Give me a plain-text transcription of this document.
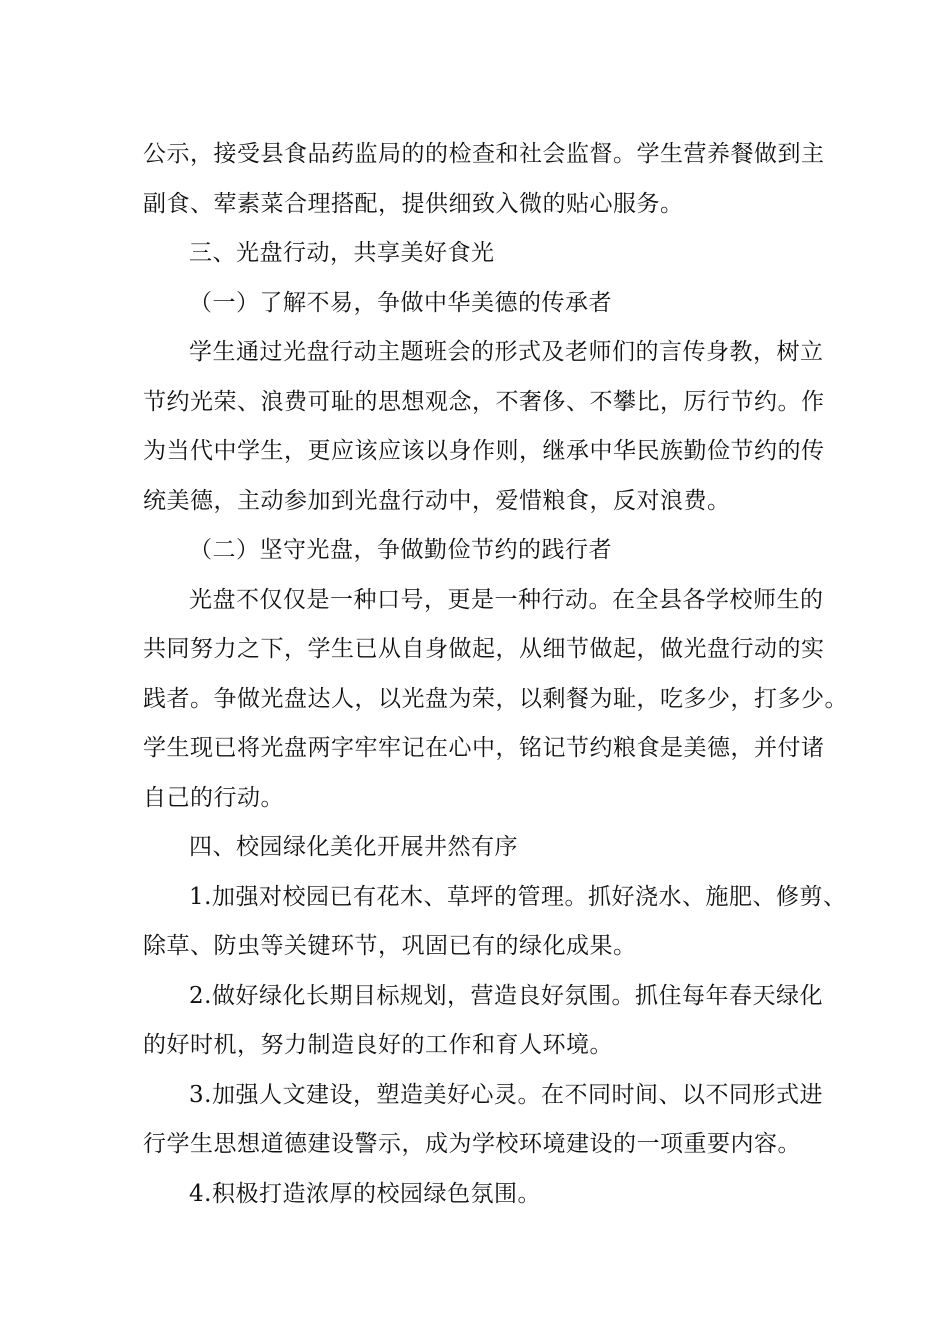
公示，接受县食品药监局的的检查和社会监督。学生营养餐做到主
副食、荤素菜合理搭配，提供细致入微的贴心服务。
三、光盘行动，共享美好食光
（一）了解不易，争做中华美德的传承者
学生通过光盘行动主题班会的形式及老师们的言传身教，树立
节约光荣、浪费可耻的思想观念，不奢侈、不攀比，厉行节约。作
为当代中学生，更应该应该以身作则，继承中华民族勤俭节约的传
统美德，主动参加到光盘行动中，爱惜粮食，反对浪费。
（二）坚守光盘，争做勤俭节约的践行者
光盘不仅仅是一种口号，更是一种行动。在全县各学校师生的
共同努力之下，学生已从自身做起，从细节做起，做光盘行动的实
践者。争做光盘达人，以光盘为荣，以剩餐为耻，吃多少，打多少。
学生现已将光盘两字牢牢记在心中，铭记节约粮食是美德，并付诸
自己的行动。
四、校园绿化美化开展井然有序
1.加强对校园已有花木、草坪的管理。抓好浇水、施肥、修剪、
除草、防虫等关键环节，巩固已有的绿化成果。
2.做好绿化长期目标规划，营造良好氛围。抓住每年春天绿化
的好时机，努力制造良好的工作和育人环境。
3.加强人文建设，塑造美好心灵。在不同时间、以不同形式进
行学生思想道德建设警示，成为学校环境建设的一项重要内容。
4.积极打造浓厚的校园绿色氛围。
